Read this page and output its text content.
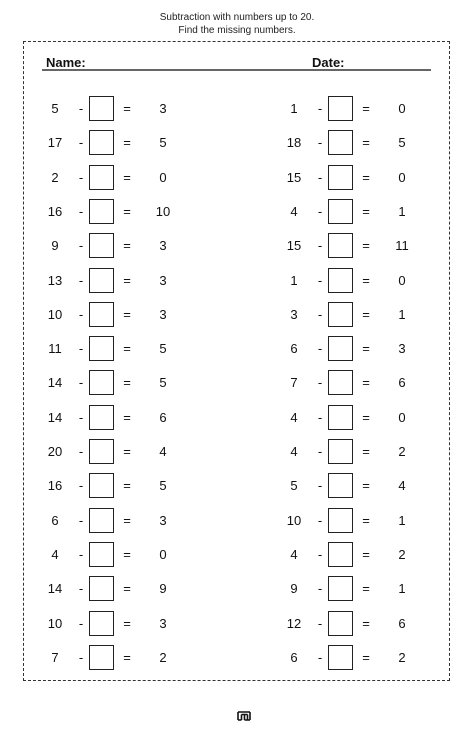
Subtraction with numbers up to 20.
Find the missing numbers.
Name:	Date:
5	-	=	3
17	-	=	5
2	-	=	0
16	-	=	10
9	-	=	3
13	-	=	3
10	-	=	3
11	-	=	5
14	-	=	5
14	-	=	6
20	-	=	4
16	-	=	5
6	-	=	3
4	-	=	0
14	-	=	9
10	-	=	3
7	-	=	2
1	-	=	0
18	-	=	5
15	-	=	0
4	-	=	1
15	-	=	11
1	-	=	0
3	-	=	1
6	-	=	3
7	-	=	6
4	-	=	0
4	-	=	2
5	-	=	4
10	-	=	1
4	-	=	2
9	-	=	1
12	-	=	6
6	-	=	2
